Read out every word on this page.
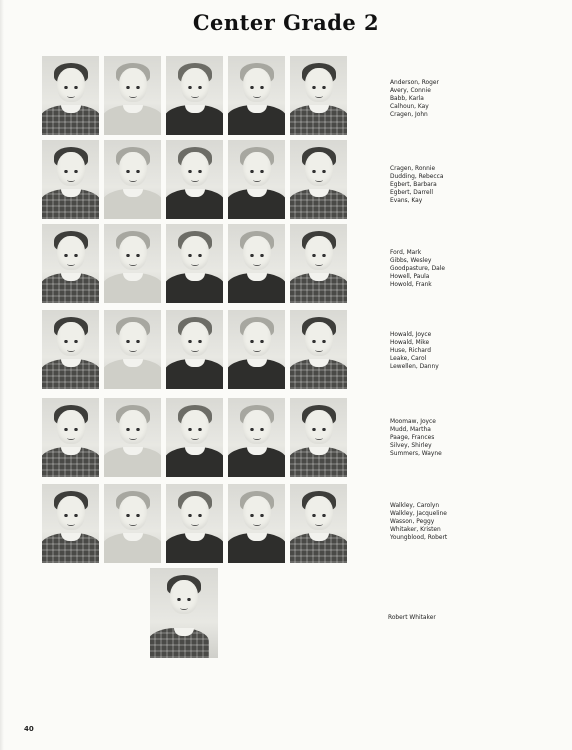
Center Grade 2
Anderson, Roger
Avery, Connie
Babb, Karla
Calhoun, Kay
Cragen, John
Cragen, Ronnie
Dudding, Rebecca
Egbert, Barbara
Egbert, Darrell
Evans, Kay
Ford, Mark
Gibbs, Wesley
Goodpasture, Dale
Howell, Paula
Howold, Frank
Howald, Joyce
Howald, Mike
Huse, Richard
Leake, Carol
Lewellen, Danny
Moomaw, Joyce
Mudd, Martha
Paage, Frances
Silvey, Shirley
Summers, Wayne
Walkley, Carolyn
Walkley, Jacqueline
Wasson, Peggy
Whitaker, Kristen
Youngblood, Robert
Robert Whitaker
40
